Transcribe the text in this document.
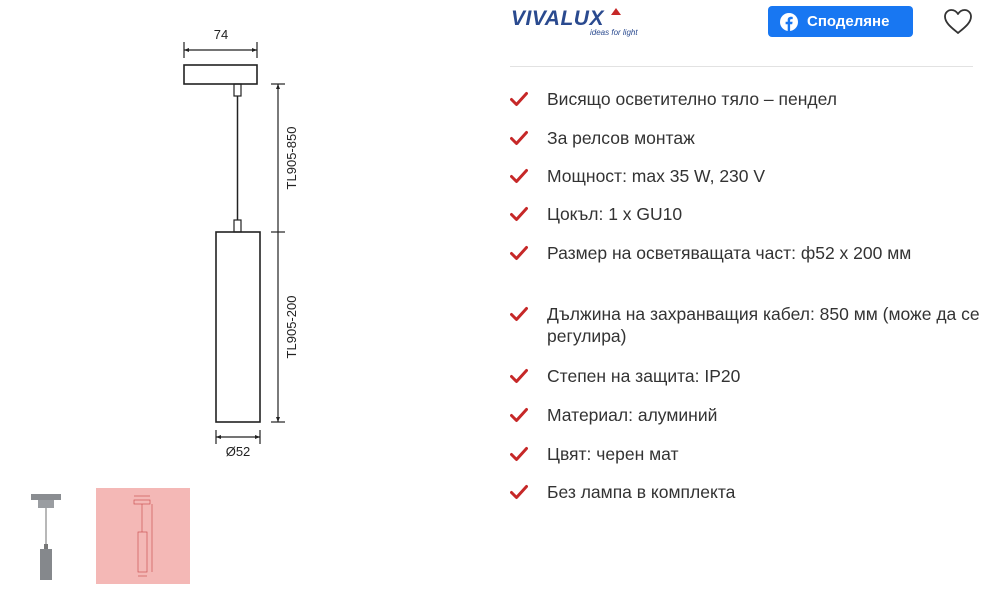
74
TL905-850
TL905-200
Ø52
VIVALUX
ideas for light
Споделяне
Висящо осветително тяло – пендел
За релсов монтаж
Мощност: max 35 W, 230 V
Цокъл: 1 x GU10
Размер на осветяващата част: ф52 x 200 мм
Дължина на захранващия кабел: 850 мм (може да се регулира)
Степен на защита: IP20
Материал: алуминий
Цвят: черен мат
Без лампа в комплекта
